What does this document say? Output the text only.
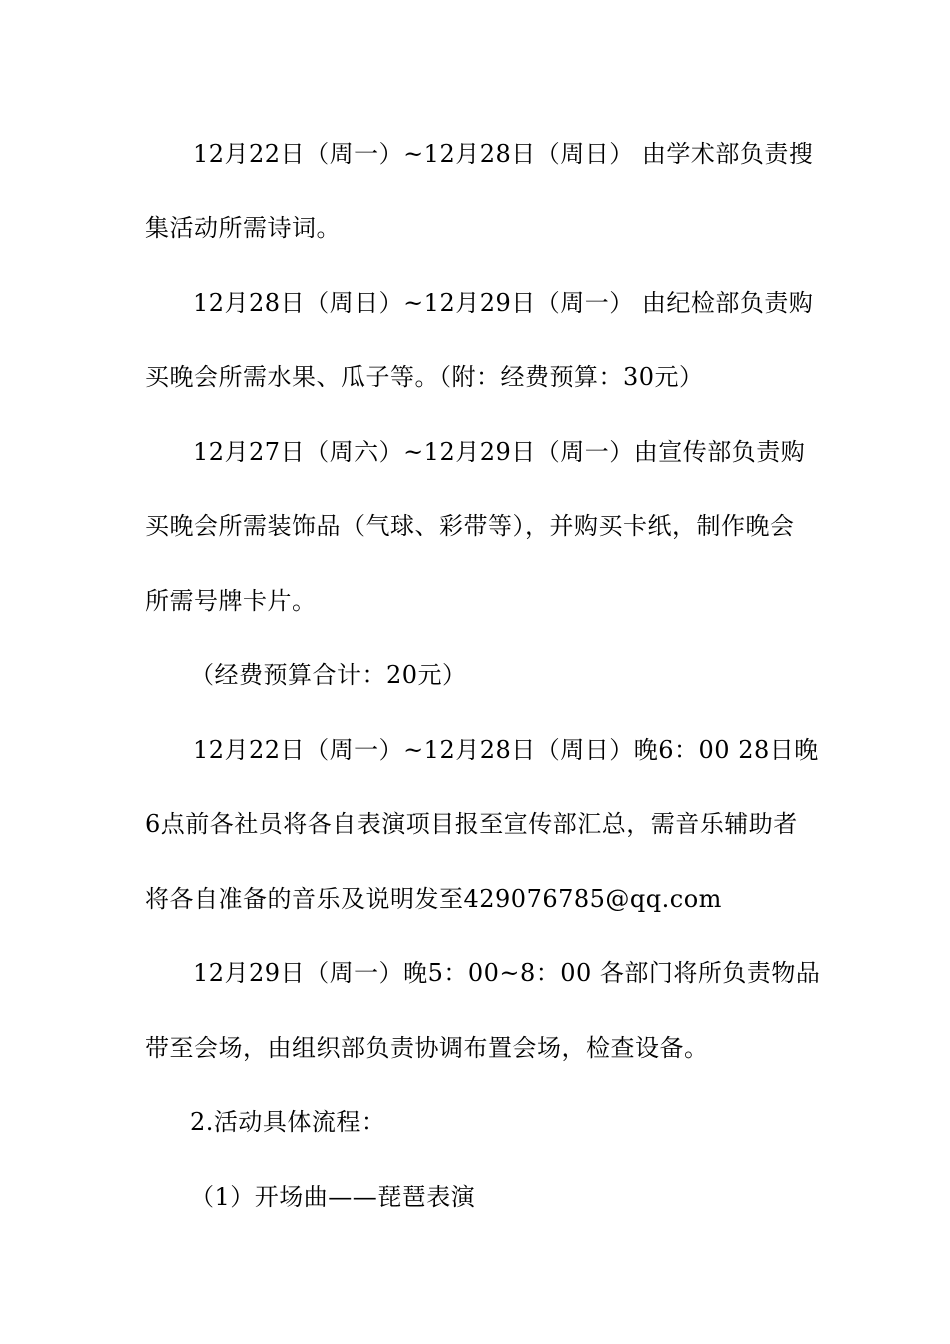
12月22日（周一）~12月28日（周日） 由学术部负责搜
集活动所需诗词。
12月28日（周日）~12月29日（周一） 由纪检部负责购
买晚会所需水果、瓜子等。（附：经费预算：30元）
12月27日（周六）~12月29日（周一）由宣传部负责购
买晚会所需装饰品（气球、彩带等），并购买卡纸，制作晚会
所需号牌卡片。
（经费预算合计：20元）
12月22日（周一）~12月28日（周日）晚6：00 28日晚
6点前各社员将各自表演项目报至宣传部汇总，需音乐辅助者
将各自准备的音乐及说明发至429076785@qq.com
12月29日（周一）晚5：00~8：00 各部门将所负责物品
带至会场，由组织部负责协调布置会场，检查设备。
2.活动具体流程：
（1）开场曲——琵琶表演
